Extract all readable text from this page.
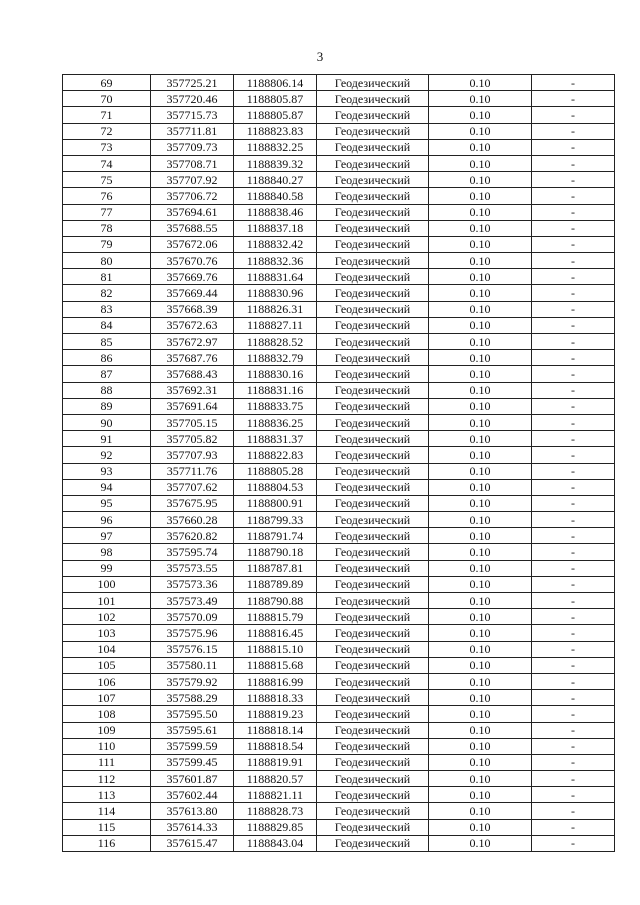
3
69	357725.21	1188806.14	Геодезический	0.10	-
70	357720.46	1188805.87	Геодезический	0.10	-
71	357715.73	1188805.87	Геодезический	0.10	-
72	357711.81	1188823.83	Геодезический	0.10	-
73	357709.73	1188832.25	Геодезический	0.10	-
74	357708.71	1188839.32	Геодезический	0.10	-
75	357707.92	1188840.27	Геодезический	0.10	-
76	357706.72	1188840.58	Геодезический	0.10	-
77	357694.61	1188838.46	Геодезический	0.10	-
78	357688.55	1188837.18	Геодезический	0.10	-
79	357672.06	1188832.42	Геодезический	0.10	-
80	357670.76	1188832.36	Геодезический	0.10	-
81	357669.76	1188831.64	Геодезический	0.10	-
82	357669.44	1188830.96	Геодезический	0.10	-
83	357668.39	1188826.31	Геодезический	0.10	-
84	357672.63	1188827.11	Геодезический	0.10	-
85	357672.97	1188828.52	Геодезический	0.10	-
86	357687.76	1188832.79	Геодезический	0.10	-
87	357688.43	1188830.16	Геодезический	0.10	-
88	357692.31	1188831.16	Геодезический	0.10	-
89	357691.64	1188833.75	Геодезический	0.10	-
90	357705.15	1188836.25	Геодезический	0.10	-
91	357705.82	1188831.37	Геодезический	0.10	-
92	357707.93	1188822.83	Геодезический	0.10	-
93	357711.76	1188805.28	Геодезический	0.10	-
94	357707.62	1188804.53	Геодезический	0.10	-
95	357675.95	1188800.91	Геодезический	0.10	-
96	357660.28	1188799.33	Геодезический	0.10	-
97	357620.82	1188791.74	Геодезический	0.10	-
98	357595.74	1188790.18	Геодезический	0.10	-
99	357573.55	1188787.81	Геодезический	0.10	-
100	357573.36	1188789.89	Геодезический	0.10	-
101	357573.49	1188790.88	Геодезический	0.10	-
102	357570.09	1188815.79	Геодезический	0.10	-
103	357575.96	1188816.45	Геодезический	0.10	-
104	357576.15	1188815.10	Геодезический	0.10	-
105	357580.11	1188815.68	Геодезический	0.10	-
106	357579.92	1188816.99	Геодезический	0.10	-
107	357588.29	1188818.33	Геодезический	0.10	-
108	357595.50	1188819.23	Геодезический	0.10	-
109	357595.61	1188818.14	Геодезический	0.10	-
110	357599.59	1188818.54	Геодезический	0.10	-
111	357599.45	1188819.91	Геодезический	0.10	-
112	357601.87	1188820.57	Геодезический	0.10	-
113	357602.44	1188821.11	Геодезический	0.10	-
114	357613.80	1188828.73	Геодезический	0.10	-
115	357614.33	1188829.85	Геодезический	0.10	-
116	357615.47	1188843.04	Геодезический	0.10	-
